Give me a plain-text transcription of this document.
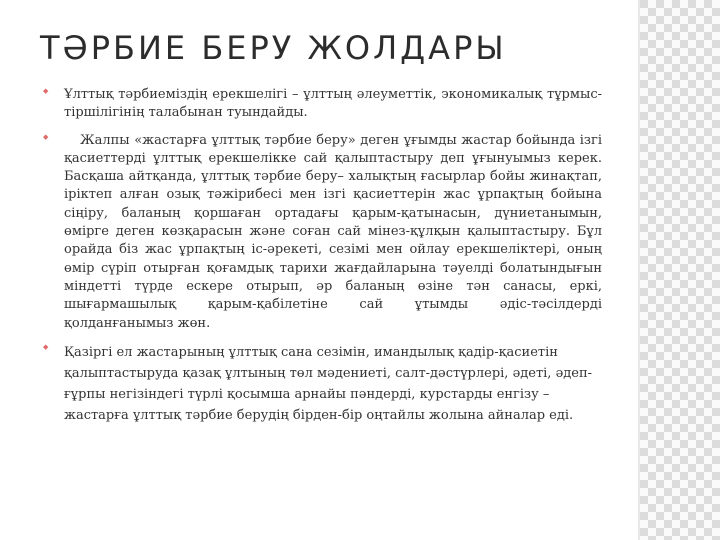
ТӘРБИЕ БЕРУ ЖОЛДАРЫ
◆ Ұлттық тәрбиеміздің ерекшелігі – ұлттың әлеуметтік, экономикалық тұрмыс-тіршілігінің талабынан туындайды.

◆	Жалпы «жастарға ұлттық тәрбие беру» деген ұғымды жастар бойында ізгі қасиеттерді ұлттық ерекшелікке сай қалыптастыру деп ұғынуымыз керек. Басқаша айтқанда, ұлттық тәрбие беру– халықтың ғасырлар бойы жинақтап, іріктеп алған озық тәжірибесі мен ізгі қасиеттерін жас ұрпақтың бойына сіңіру, баланың қоршаған ортадағы қарым-қатынасын, дүниетанымын, өмірге деген көзқарасын және соған сай мінез-құлқын қалыптастыру. Бұл орайда біз жас ұрпақтың іс-әрекеті, сезімі мен ойлау ерекшеліктері, оның өмір сүріп отырған қоғамдық тарихи жағдайларына тәуелді болатындығын міндетті түрде ескере отырып, әр баланың өзіне тән санасы, еркі, шығармашылық қарым-қабілетіне сай ұтымды әдіс-тәсілдерді қолданғанымыз жөн.

◆ Қазіргі ел жастарының ұлттық сана сезімін, имандылық қадір-қасиетін қалыптастыруда қазақ ұлтының төл мәдениеті, салт-дәстүрлері, әдеті, әдеп-ғұрпы негізіндегі түрлі қосымша арнайы пәндерді, курстарды енгізу – жастарға ұлттық тәрбие берудің бірден-бір оңтайлы жолына айналар еді.
